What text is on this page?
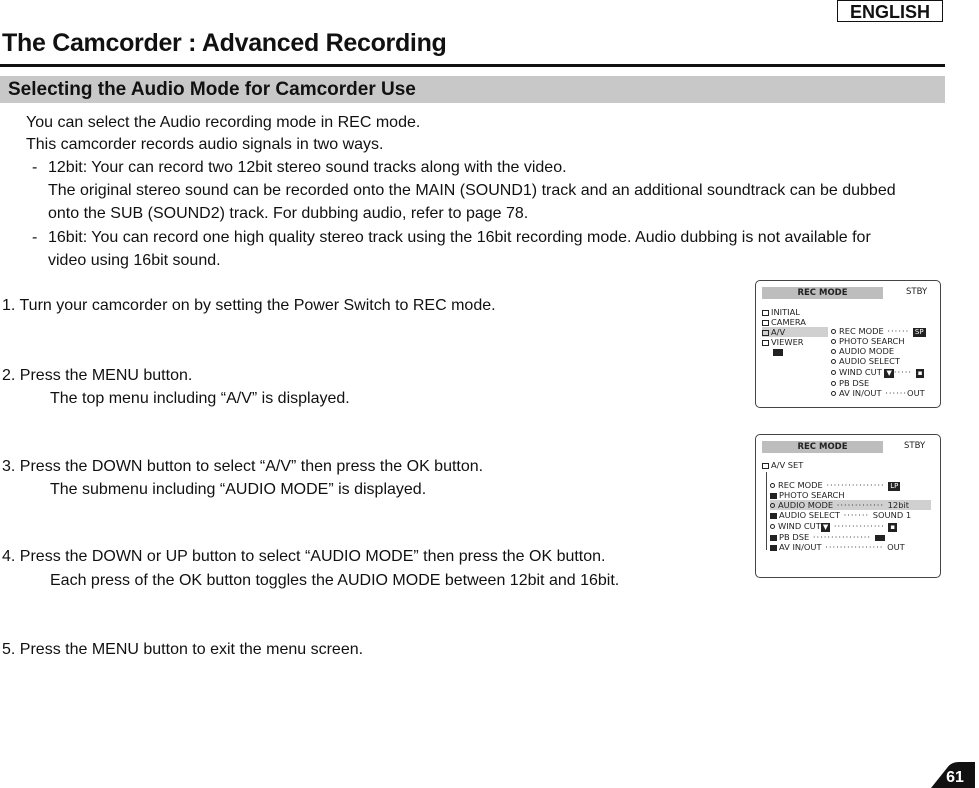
ENGLISH
The Camcorder : Advanced Recording
Selecting the Audio Mode for Camcorder Use
You can select the Audio recording mode in REC mode.
This camcorder records audio signals in two ways.
- 12bit: Your can record two 12bit stereo sound tracks along with the video.
The original stereo sound can be recorded onto the MAIN (SOUND1) track and an additional soundtrack can be dubbed
onto the SUB (SOUND2) track. For dubbing audio, refer to page 78.
- 16bit: You can record one high quality stereo track using the 16bit recording mode. Audio dubbing is not available for
video using 16bit sound.
1. Turn your camcorder on by setting the Power Switch to REC mode.
2. Press the MENU button.
The top menu including “A/V” is displayed.
3. Press the DOWN button to select “A/V” then press the OK button.
The submenu including “AUDIO MODE” is displayed.
4. Press the DOWN or UP button to select “AUDIO MODE” then press the OK button.
Each press of the OK button toggles the AUDIO MODE between 12bit and 16bit.
5. Press the MENU button to exit the menu screen.
REC MODE	STBY
INITIAL
CAMERA
A/V
VIEWER
REC MODE ······ SP
PHOTO SEARCH
AUDIO MODE
AUDIO SELECT
WIND CUT ▼ ····· ▪
PB DSE
AV IN/OUT ······OUT
REC MODE	STBY
A/V SET
REC MODE ················ LP
PHOTO SEARCH
AUDIO MODE ············· 12bit
AUDIO SELECT ······· SOUND 1
WIND CUT ▼ ·············· ▪
PB DSE ················
AV IN/OUT ················ OUT
61
